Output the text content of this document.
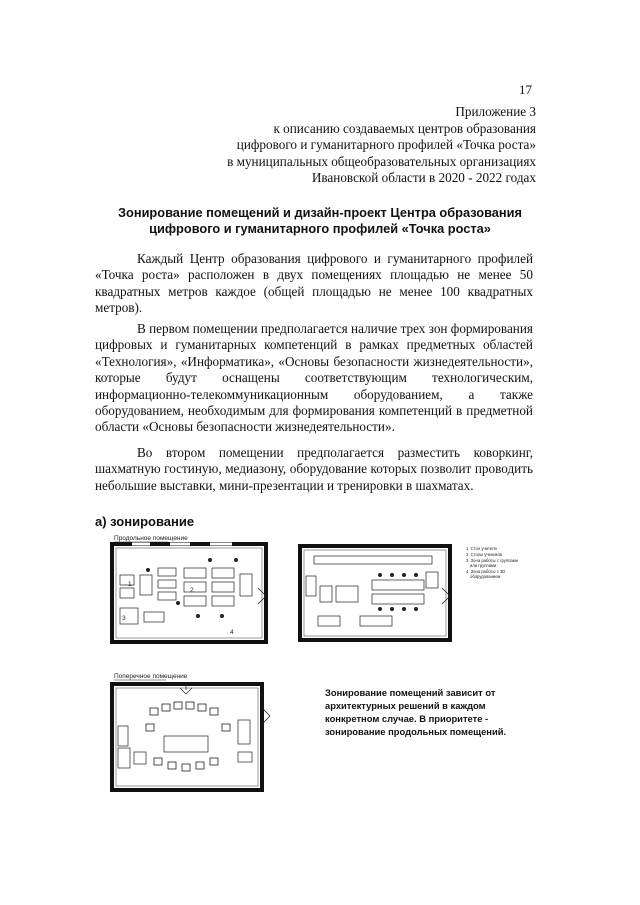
17
Приложение 3
к описанию создаваемых центров образования
цифрового и гуманитарного профилей «Точка роста»
в муниципальных общеобразовательных организациях
Ивановской области в 2020 - 2022 годах
Зонирование помещений и дизайн-проект Центра образования
цифрового и гуманитарного профилей «Точка роста»

Каждый Центр образования цифрового и гуманитарного профилей «Точка роста» расположен в двух помещениях площадью не менее 50 квадратных метров каждое (общей площадью не менее 100 квадратных метров).

В первом помещении предполагается наличие трех зон формирования цифровых и гуманитарных компетенций в рамках предметных областей «Технология», «Информатика», «Основы безопасности жизнедеятельности», которые будут оснащены соответствующим технологическим, информационно-телекоммуникационным оборудованием, а также оборудованием, необходимым для формирования компетенций в предметной области «Основы безопасности жизнедеятельности».

Во втором помещении предполагается разместить коворкинг, шахматную гостиную, медиазону, оборудование которых позволит проводить небольшие выставки, мини-презентации и тренировки в шахматах.

а) зонирование
Продольное помещение
1
2
3
4
1. Стол учителя
2. Столы учеников
3. Зона работы с группами
или группами
4. Зона работы с 3D
оборудованием
Поперечное помещение
Зонирование помещений зависит от
архитектурных решений в каждом
конкретном случае. В приоритете -
зонирование продольных помещений.
